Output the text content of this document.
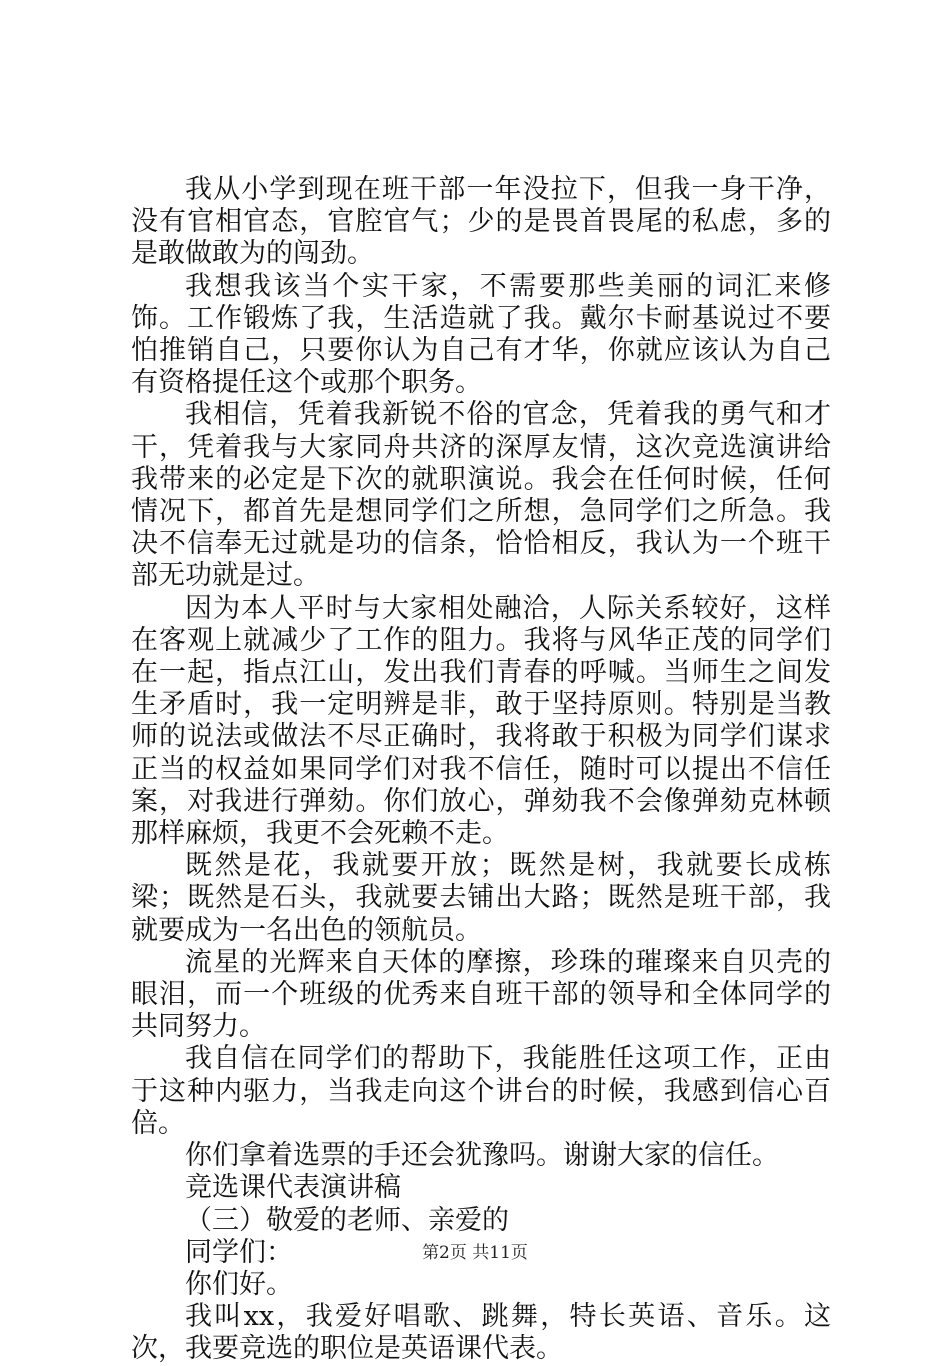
我从小学到现在班干部一年没拉下，但我一身干净，没有官相官态，官腔官气；少的是畏首畏尾的私虑，多的是敢做敢为的闯劲。

我想我该当个实干家，不需要那些美丽的词汇来修饰。工作锻炼了我，生活造就了我。戴尔卡耐基说过不要怕推销自己，只要你认为自己有才华，你就应该认为自己有资格提任这个或那个职务。

我相信，凭着我新锐不俗的官念，凭着我的勇气和才干，凭着我与大家同舟共济的深厚友情，这次竞选演讲给我带来的必定是下次的就职演说。我会在任何时候，任何情况下，都首先是想同学们之所想，急同学们之所急。我决不信奉无过就是功的信条，恰恰相反，我认为一个班干部无功就是过。

因为本人平时与大家相处融洽，人际关系较好，这样在客观上就减少了工作的阻力。我将与风华正茂的同学们在一起，指点江山，发出我们青春的呼喊。当师生之间发生矛盾时，我一定明辨是非，敢于坚持原则。特别是当教师的说法或做法不尽正确时，我将敢于积极为同学们谋求正当的权益如果同学们对我不信任，随时可以提出不信任案，对我进行弹劾。你们放心，弹劾我不会像弹劾克林顿那样麻烦，我更不会死赖不走。

既然是花，我就要开放；既然是树，我就要长成栋梁；既然是石头，我就要去铺出大路；既然是班干部，我就要成为一名出色的领航员。

流星的光辉来自天体的摩擦，珍珠的璀璨来自贝壳的眼泪，而一个班级的优秀来自班干部的领导和全体同学的共同努力。

我自信在同学们的帮助下，我能胜任这项工作，正由于这种内驱力，当我走向这个讲台的时候，我感到信心百倍。

你们拿着选票的手还会犹豫吗。谢谢大家的信任。

竞选课代表演讲稿

（三）敬爱的老师、亲爱的

同学们：

你们好。

我叫xx，我爱好唱歌、跳舞，特长英语、音乐。这次，我要竞选的职位是英语课代表。

第2页 共11页
